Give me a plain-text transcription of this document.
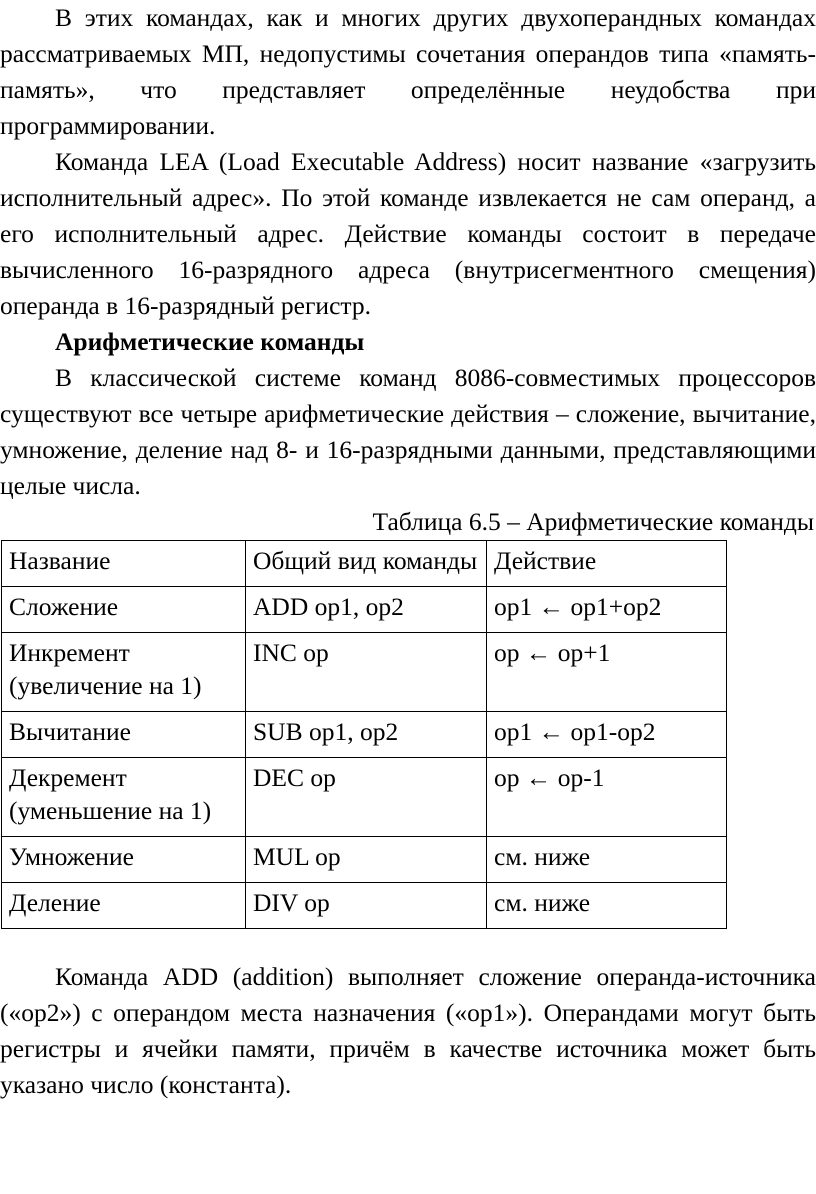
В этих командах, как и многих других двухоперандных командах рассматриваемых МП, недопустимы сочетания операндов типа «память-память», что представляет определённые неудобства при программировании.

Команда LEA (Load Executable Address) носит название «загрузить исполнительный адрес». По этой команде извлекается не сам операнд, а его исполнительный адрес. Действие команды состоит в передаче вычисленного 16-разрядного адреса (внутрисегментного смещения) операнда в 16-разрядный регистр.

Арифметические команды

В классической системе команд 8086-совместимых процессоров существуют все четыре арифметические действия – сложение, вычитание, умножение, деление над 8- и 16-разрядными данными, представляющими целые числа.

Таблица 6.5 – Арифметические команды

Название	Общий вид команды	Действие
Сложение	ADD op1, op2	op1 ← op1+op2
Инкремент (увеличение на 1)	INC op	op ← op+1
Вычитание	SUB op1, op2	op1 ← op1-op2
Декремент (уменьшение на 1)	DEC op	op ← op-1
Умножение	MUL op	см. ниже
Деление	DIV op	см. ниже

Команда ADD (addition) выполняет сложение операнда-источника («op2») с операндом места назначения («op1»). Операндами могут быть регистры и ячейки памяти, причём в качестве источника может быть указано число (константа).
